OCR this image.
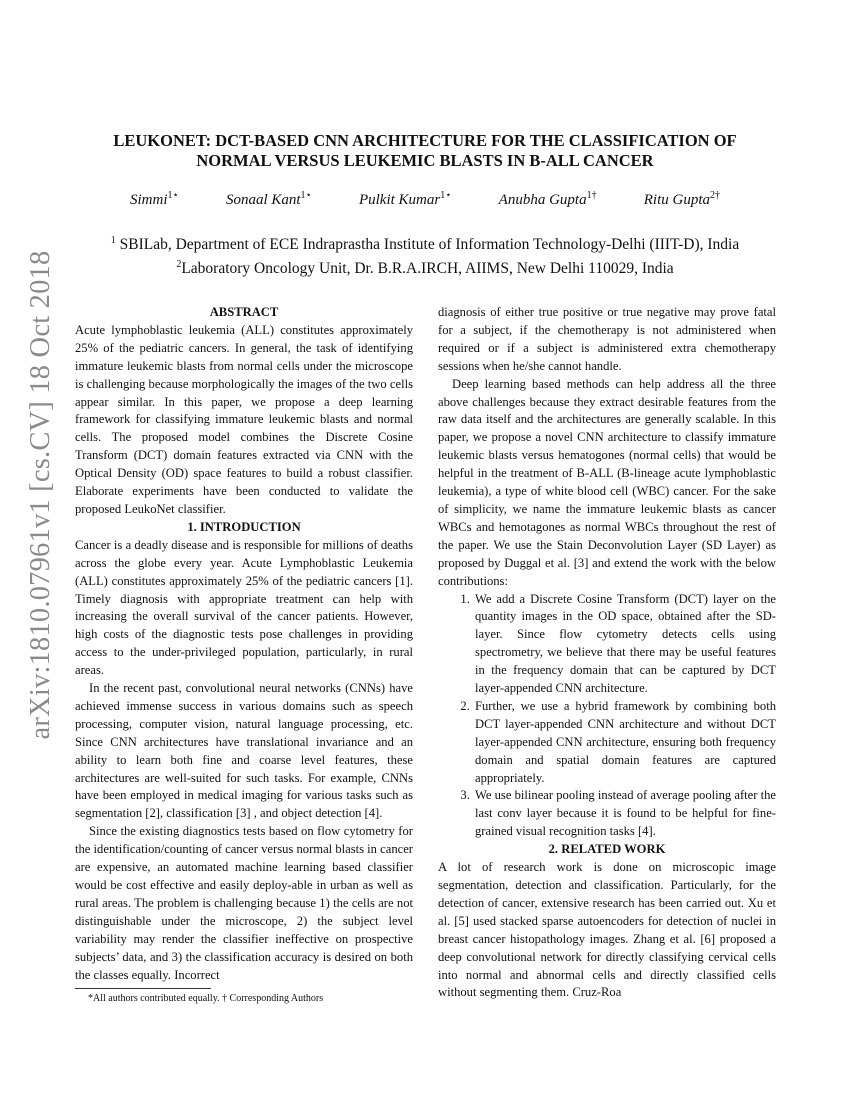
arXiv:1810.07961v1 [cs.CV] 18 Oct 2018
LEUKONET: DCT-BASED CNN ARCHITECTURE FOR THE CLASSIFICATION OF
NORMAL VERSUS LEUKEMIC BLASTS IN B-ALL CANCER
Simmi$^{1⋆}$	Sonaal Kant$^{1⋆}$	Pulkit Kumar$^{1⋆}$	Anubha Gupta$^{1\dagger}$	Ritu Gupta$^{2\dagger}$
$^1$ SBILab, Department of ECE Indraprastha Institute of Information Technology-Delhi (IIIT-D), India
$^2$Laboratory Oncology Unit, Dr. B.R.A.IRCH, AIIMS, New Delhi 110029, India

ABSTRACT

Acute lymphoblastic leukemia (ALL) constitutes approximately 25% of the pediatric cancers. In general, the task of identifying immature leukemic blasts from normal cells under the microscope is challenging because morphologically the images of the two cells appear similar. In this paper, we propose a deep learning framework for classifying immature leukemic blasts and normal cells. The proposed model combines the Discrete Cosine Transform (DCT) domain features extracted via CNN with the Optical Density (OD) space features to build a robust classifier. Elaborate experiments have been conducted to validate the proposed LeukoNet classifier.

1. INTRODUCTION

Cancer is a deadly disease and is responsible for millions of deaths across the globe every year. Acute Lymphoblastic Leukemia (ALL) constitutes approximately 25% of the pediatric cancers [1]. Timely diagnosis with appropriate treatment can help with increasing the overall survival of the cancer patients. However, high costs of the diagnostic tests pose challenges in providing access to the under-privileged population, particularly, in rural areas.

In the recent past, convolutional neural networks (CNNs) have achieved immense success in various domains such as speech processing, computer vision, natural language processing, etc. Since CNN architectures have translational invariance and an ability to learn both fine and coarse level features, these architectures are well-suited for such tasks. For example, CNNs have been employed in medical imaging for various tasks such as segmentation [2], classification [3] , and object detection [4].

Since the existing diagnostics tests based on flow cytometry for the identification/counting of cancer versus normal blasts in cancer are expensive, an automated machine learning based classifier would be cost effective and easily deploy-able in urban as well as rural areas. The problem is challenging because 1) the cells are not distinguishable under the microscope, 2) the subject level variability may render the classifier ineffective on prospective subjects’ data, and 3) the classification accuracy is desired on both the classes equally. Incorrect

diagnosis of either true positive or true negative may prove fatal for a subject, if the chemotherapy is not administered when required or if a subject is administered extra chemotherapy sessions when he/she cannot handle.

Deep learning based methods can help address all the three above challenges because they extract desirable features from the raw data itself and the architectures are generally scalable. In this paper, we propose a novel CNN architecture to classify immature leukemic blasts versus hematogones (normal cells) that would be helpful in the treatment of B-ALL (B-lineage acute lymphoblastic leukemia), a type of white blood cell (WBC) cancer. For the sake of simplicity, we name the immature leukemic blasts as cancer WBCs and hemotagones as normal WBCs throughout the rest of the paper. We use the Stain Deconvolution Layer (SD Layer) as proposed by Duggal et al. [3] and extend the work with the below contributions:

1. We add a Discrete Cosine Transform (DCT) layer on the quantity images in the OD space, obtained after the SD-layer. Since flow cytometry detects cells using spectrometry, we believe that there may be useful features in the frequency domain that can be captured by DCT layer-appended CNN architecture.
2. Further, we use a hybrid framework by combining both DCT layer-appended CNN architecture and without DCT layer-appended CNN architecture, ensuring both frequency domain and spatial domain features are captured appropriately.
3. We use bilinear pooling instead of average pooling after the last conv layer because it is found to be helpful for fine-grained visual recognition tasks [4].

2. RELATED WORK

A lot of research work is done on microscopic image segmentation, detection and classification. Particularly, for the detection of cancer, extensive research has been carried out. Xu et al. [5] used stacked sparse autoencoders for detection of nuclei in breast cancer histopathology images. Zhang et al. [6] proposed a deep convolutional network for directly classifying cervical cells into normal and abnormal cells and directly classified cells without segmenting them. Cruz-Roa

*All authors contributed equally. † Corresponding Authors
